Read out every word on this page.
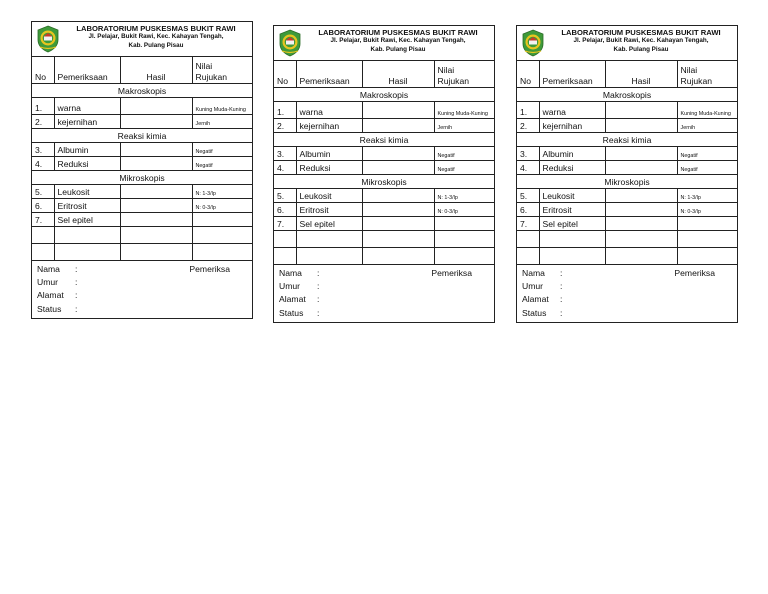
LABORATORIUM PUSKESMAS BUKIT RAWI
Jl. Pelajar, Bukit Rawi, Kec. Kahayan Tengah,
Kab. Pulang Pisau
No	Pemeriksaan	Hasil	Nilai
Rujukan
Makroskopis			
1.	warna		Kuning Muda-Kuning
2.	kejernihan		Jernih
Reaksi kimia			
3.	Albumin		Negatif
4.	Reduksi		Negatif
Mikroskopis			
5.	Leukosit		N: 1-3/lp
6.	Eritrosit		N: 0-3/lp
7.	Sel epitel		

Nama :
Umur :
Alamat :
Status :
Pemeriksa
LABORATORIUM PUSKESMAS BUKIT RAWI
Jl. Pelajar, Bukit Rawi, Kec. Kahayan Tengah,
Kab. Pulang Pisau
No	Pemeriksaan	Hasil	Nilai
Rujukan
Makroskopis			
1.	warna		Kuning Muda-Kuning
2.	kejernihan		Jernih
Reaksi kimia			
3.	Albumin		Negatif
4.	Reduksi		Negatif
Mikroskopis			
5.	Leukosit		N: 1-3/lp
6.	Eritrosit		N: 0-3/lp
7.	Sel epitel		

Nama :
Umur :
Alamat :
Status :
Pemeriksa
LABORATORIUM PUSKESMAS BUKIT RAWI
Jl. Pelajar, Bukit Rawi, Kec. Kahayan Tengah,
Kab. Pulang Pisau
No	Pemeriksaan	Hasil	Nilai
Rujukan
Makroskopis			
1.	warna		Kuning Muda-Kuning
2.	kejernihan		Jernih
Reaksi kimia			
3.	Albumin		Negatif
4.	Reduksi		Negatif
Mikroskopis			
5.	Leukosit		N: 1-3/lp
6.	Eritrosit		N: 0-3/lp
7.	Sel epitel		

Nama :
Umur :
Alamat :
Status :
Pemeriksa
